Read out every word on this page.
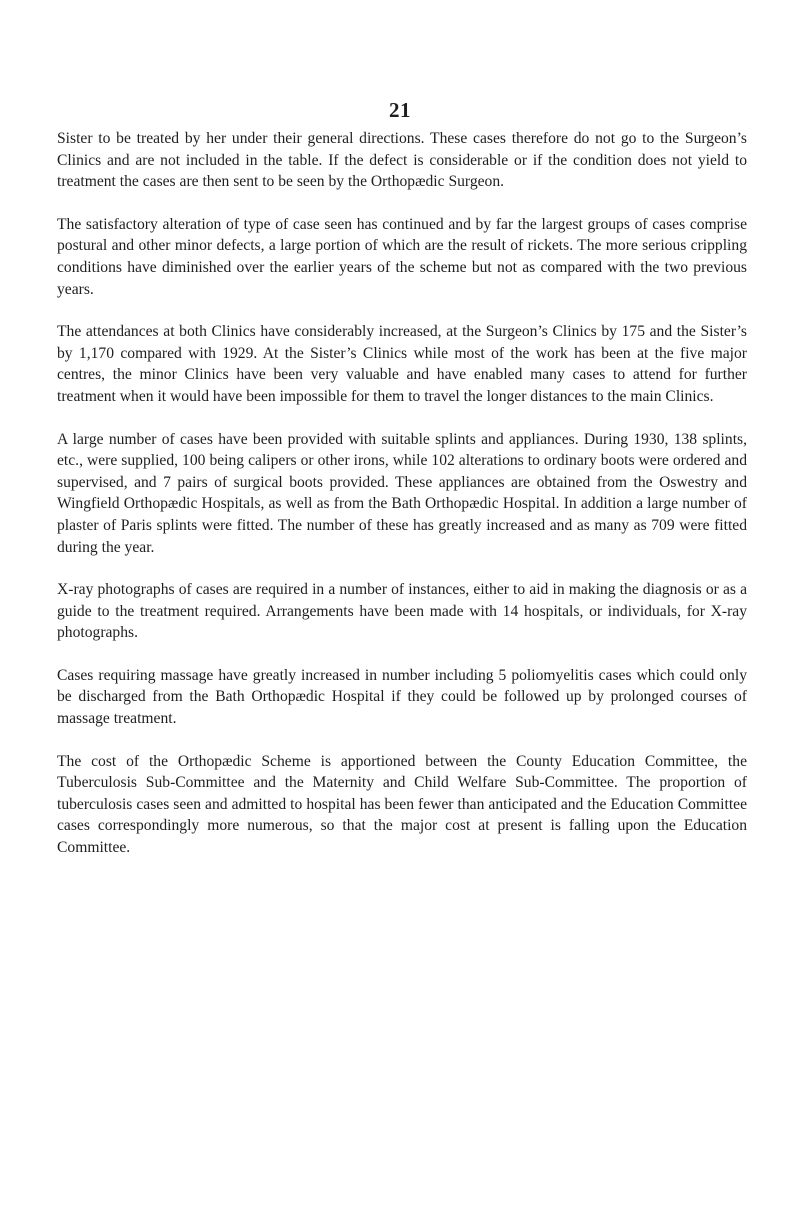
21

Sister to be treated by her under their general directions. These cases therefore do not go to the Surgeon’s Clinics and are not included in the table. If the defect is considerable or if the condition does not yield to treatment the cases are then sent to be seen by the Orthopædic Surgeon.

The satisfactory alteration of type of case seen has continued and by far the largest groups of cases comprise postural and other minor defects, a large portion of which are the result of rickets. The more serious crippling conditions have diminished over the earlier years of the scheme but not as compared with the two previous years.

The attendances at both Clinics have considerably increased, at the Surgeon’s Clinics by 175 and the Sister’s by 1,170 compared with 1929. At the Sister’s Clinics while most of the work has been at the five major centres, the minor Clinics have been very valuable and have enabled many cases to attend for further treatment when it would have been impossible for them to travel the longer distances to the main Clinics.

A large number of cases have been provided with suitable splints and appliances. During 1930, 138 splints, etc., were supplied, 100 being calipers or other irons, while 102 alterations to ordinary boots were ordered and supervised, and 7 pairs of surgical boots provided. These appliances are obtained from the Oswestry and Wingfield Orthopædic Hospitals, as well as from the Bath Orthopædic Hospital. In addition a large number of plaster of Paris splints were fitted. The number of these has greatly increased and as many as 709 were fitted during the year.

X-ray photographs of cases are required in a number of instances, either to aid in making the diagnosis or as a guide to the treatment required. Arrangements have been made with 14 hospitals, or individuals, for X-ray photographs.

Cases requiring massage have greatly increased in number including 5 poliomyelitis cases which could only be discharged from the Bath Orthopædic Hospital if they could be followed up by prolonged courses of massage treatment.

The cost of the Orthopædic Scheme is apportioned between the County Education Committee, the Tuberculosis Sub-Committee and the Maternity and Child Welfare Sub-Committee. The proportion of tuberculosis cases seen and admitted to hospital has been fewer than anticipated and the Education Committee cases correspondingly more numerous, so that the major cost at present is falling upon the Education Committee.
